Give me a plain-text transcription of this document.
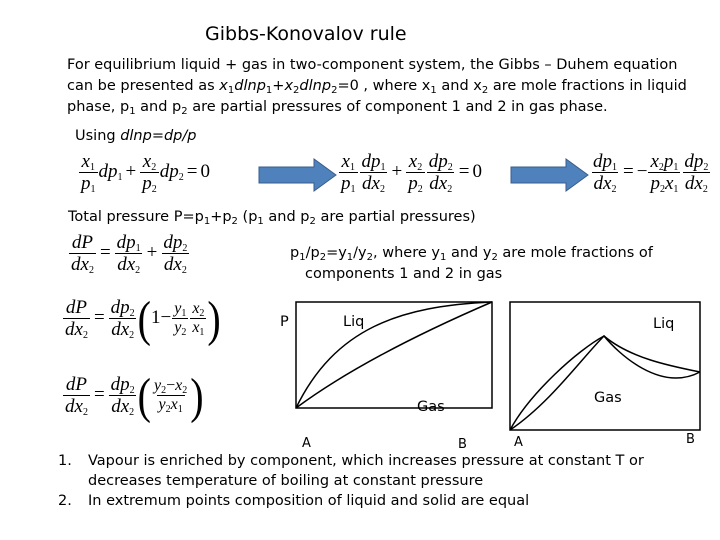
Gibbs-Konovalov rule
For equilibrium liquid + gas in two-component system, the Gibbs – Duhem equation
can be presented as $x_1dlnp_1+x_2dlnp_2=0$ , where $x_1$ and $x_2$ are mole fractions in liquid
phase, $p_1$ and $p_2$ are partial pressures of component 1 and 2 in gas phase.
Using dlnp=dp/p
$\frac{x_1}{p_1} dp_1 + \frac{x_2}{p_2} dp_2 = 0$	$\frac{x_1}{p_1} \frac{dp_1}{dx_2} + \frac{x_2}{p_2} \frac{dp_2}{dx_2} = 0$	$\frac{dp_1}{dx_2}$ = − $\frac{x_2p_1}{p_2x_1} \frac{dp_2}{dx_2}$
Total pressure $P=p_1+p_2$ ($p_1$ and $p_2$ are partial pressures)
$\frac{dP}{dx_2} = \frac{dp_1}{dx_2} + \frac{dp_2}{dx_2}$	$p_1/p_2=y_1/y_2$, where $y_1$ and $y_2$ are mole fractions of
components 1 and 2 in gas
$\frac{dP}{dx_2} = \frac{dp_2}{dx_2} (1- \frac{y_1}{y_2} \frac{x_2}{x_1}$ )
$\frac{dP}{dx_2} = \frac{dp_2}{dx_2}$ ( $\frac{y_2-x_2}{y_2x_1}$ )
P	Liq
Gas
A	B
Liq
Gas
A	B
1. Vapour is enriched by component, which increases pressure at constant T or
decreases temperature of boiling at constant pressure
2. In extremum points composition of liquid and solid are equal
